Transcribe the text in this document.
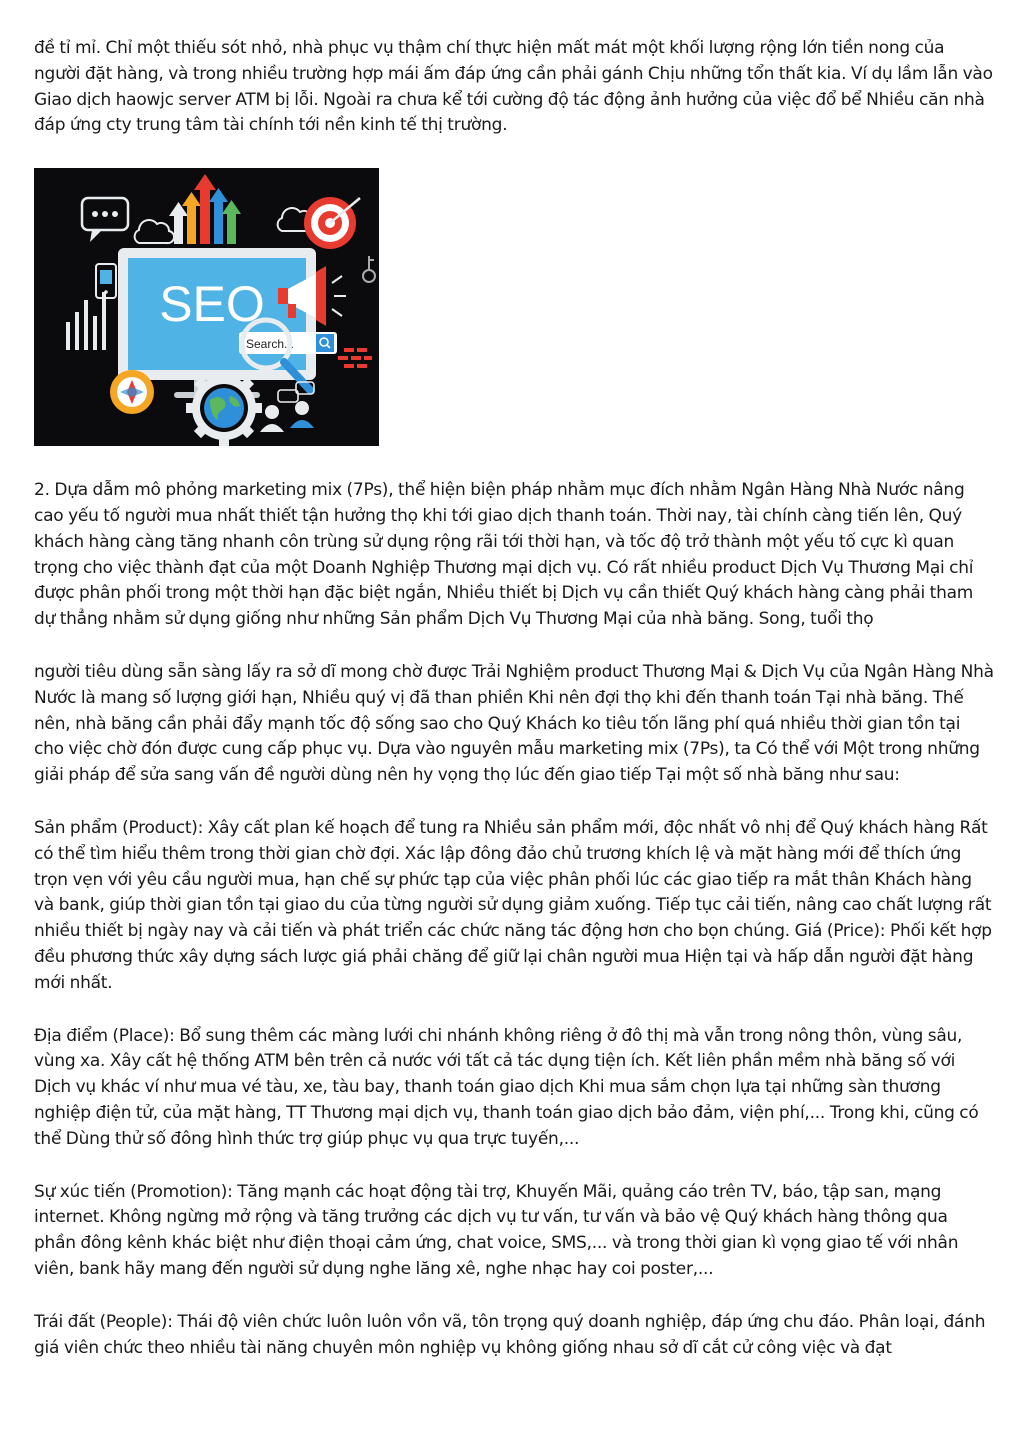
đề tỉ mỉ. Chỉ một thiếu sót nhỏ, nhà phục vụ thậm chí thực hiện mất mát một khối lượng rộng lớn tiền nong của người đặt hàng, và trong nhiều trường hợp mái ấm đáp ứng cần phải gánh Chịu những tổn thất kia. Ví dụ lầm lẫn vào Giao dịch haowjc server ATM bị lỗi. Ngoài ra chưa kể tới cường độ tác động ảnh hưởng của việc đổ bể Nhiều căn nhà đáp ứng cty trung tâm tài chính tới nền kinh tế thị trường.

SEO
Search...

2. Dựa dẫm mô phỏng marketing mix (7Ps), thể hiện biện pháp nhằm mục đích nhằm Ngân Hàng Nhà Nước nâng cao yếu tố người mua nhất thiết tận hưởng thọ khi tới giao dịch thanh toán. Thời nay, tài chính càng tiến lên, Quý khách hàng càng tăng nhanh côn trùng sử dụng rộng rãi tới thời hạn, và tốc độ trở thành một yếu tố cực kì quan trọng cho việc thành đạt của một Doanh Nghiệp Thương mại dịch vụ. Có rất nhiều product Dịch Vụ Thương Mại chỉ được phân phối trong một thời hạn đặc biệt ngắn, Nhiều thiết bị Dịch vụ cần thiết Quý khách hàng càng phải tham dự thẳng nhằm sử dụng giống như những Sản phẩm Dịch Vụ Thương Mại của nhà băng. Song, tuổi thọ

người tiêu dùng sẵn sàng lấy ra sở dĩ mong chờ được Trải Nghiệm product Thương Mại & Dịch Vụ của Ngân Hàng Nhà Nước là mang số lượng giới hạn, Nhiều quý vị đã than phiền Khi nên đợi thọ khi đến thanh toán Tại nhà băng. Thế nên, nhà băng cần phải đẩy mạnh tốc độ sống sao cho Quý Khách ko tiêu tốn lãng phí quá nhiều thời gian tồn tại cho việc chờ đón được cung cấp phục vụ. Dựa vào nguyên mẫu marketing mix (7Ps), ta Có thể với Một trong những giải pháp để sửa sang vấn đề người dùng nên hy vọng thọ lúc đến giao tiếp Tại một số nhà băng như sau:

Sản phẩm (Product): Xây cất plan kế hoạch để tung ra Nhiều sản phẩm mới, độc nhất vô nhị để Quý khách hàng Rất có thể tìm hiểu thêm trong thời gian chờ đợi. Xác lập đông đảo chủ trương khích lệ và mặt hàng mới để thích ứng trọn vẹn với yêu cầu người mua, hạn chế sự phức tạp của việc phân phối lúc các giao tiếp ra mắt thân Khách hàng và bank, giúp thời gian tồn tại giao du của từng người sử dụng giảm xuống. Tiếp tục cải tiến, nâng cao chất lượng rất nhiều thiết bị ngày nay và cải tiến và phát triển các chức năng tác động hơn cho bọn chúng. Giá (Price): Phối kết hợp đều phương thức xây dựng sách lược giá phải chăng để giữ lại chân người mua Hiện tại và hấp dẫn người đặt hàng mới nhất.

Địa điểm (Place): Bổ sung thêm các màng lưới chi nhánh không riêng ở đô thị mà vẫn trong nông thôn, vùng sâu, vùng xa. Xây cất hệ thống ATM bên trên cả nước với tất cả tác dụng tiện ích. Kết liên phần mềm nhà băng số với Dịch vụ khác ví như mua vé tàu, xe, tàu bay, thanh toán giao dịch Khi mua sắm chọn lựa tại những sàn thương nghiệp điện tử, của mặt hàng, TT Thương mại dịch vụ, thanh toán giao dịch bảo đảm, viện phí,... Trong khi, cũng có thể Dùng thử số đông hình thức trợ giúp phục vụ qua trực tuyến,...

Sự xúc tiến (Promotion): Tăng mạnh các hoạt động tài trợ, Khuyến Mãi, quảng cáo trên TV, báo, tập san, mạng internet. Không ngừng mở rộng và tăng trưởng các dịch vụ tư vấn, tư vấn và bảo vệ Quý khách hàng thông qua phần đông kênh khác biệt như điện thoại cảm ứng, chat voice, SMS,... và trong thời gian kì vọng giao tế với nhân viên, bank hãy mang đến người sử dụng nghe lăng xê, nghe nhạc hay coi poster,...

Trái đất (People): Thái độ viên chức luôn luôn vồn vã, tôn trọng quý doanh nghiệp, đáp ứng chu đáo. Phân loại, đánh giá viên chức theo nhiều tài năng chuyên môn nghiệp vụ không giống nhau sở dĩ cắt cử công việc và đạt
